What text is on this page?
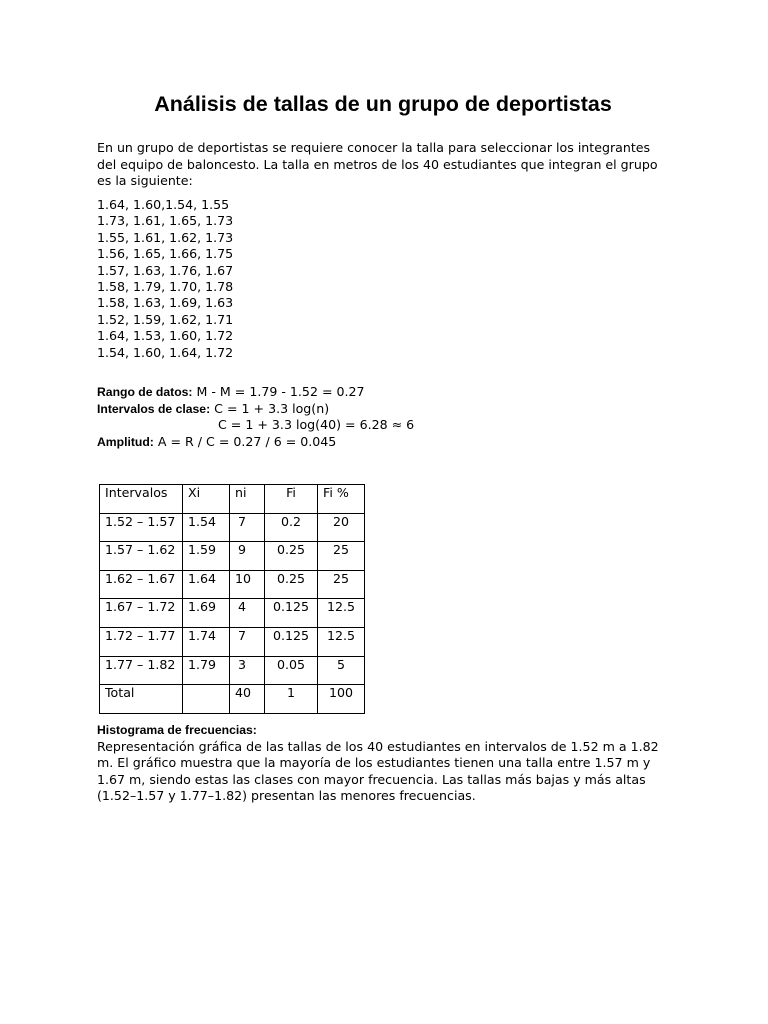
Análisis de tallas de un grupo de deportistas
En un grupo de deportistas se requiere conocer la talla para seleccionar los integrantes
del equipo de baloncesto. La talla en metros de los 40 estudiantes que integran el grupo
es la siguiente:
1.64, 1.60,1.54, 1.55
1.73, 1.61, 1.65, 1.73
1.55, 1.61, 1.62, 1.73
1.56, 1.65, 1.66, 1.75
1.57, 1.63, 1.76, 1.67
1.58, 1.79, 1.70, 1.78
1.58, 1.63, 1.69, 1.63
1.52, 1.59, 1.62, 1.71
1.64, 1.53, 1.60, 1.72
1.54, 1.60, 1.64, 1.72
Rango de datos: M - M = 1.79 - 1.52 = 0.27
Intervalos de clase: C = 1 + 3.3 log(n)
C = 1 + 3.3 log(40) = 6.28 ≈ 6
Amplitud: A = R / C = 0.27 / 6 = 0.045
Intervalos	Xi	ni	Fi	Fi %
1.52 – 1.57	1.54	7	0.2	20
1.57 – 1.62	1.59	9	0.25	25
1.62 – 1.67	1.64	10	0.25	25
1.67 – 1.72	1.69	4	0.125	12.5
1.72 – 1.77	1.74	7	0.125	12.5
1.77 – 1.82	1.79	3	0.05	5
Total		40	1	100
Histograma de frecuencias:
Representación gráfica de las tallas de los 40 estudiantes en intervalos de 1.52 m a 1.82
m. El gráfico muestra que la mayoría de los estudiantes tienen una talla entre 1.57 m y
1.67 m, siendo estas las clases con mayor frecuencia. Las tallas más bajas y más altas
(1.52–1.57 y 1.77–1.82) presentan las menores frecuencias.
